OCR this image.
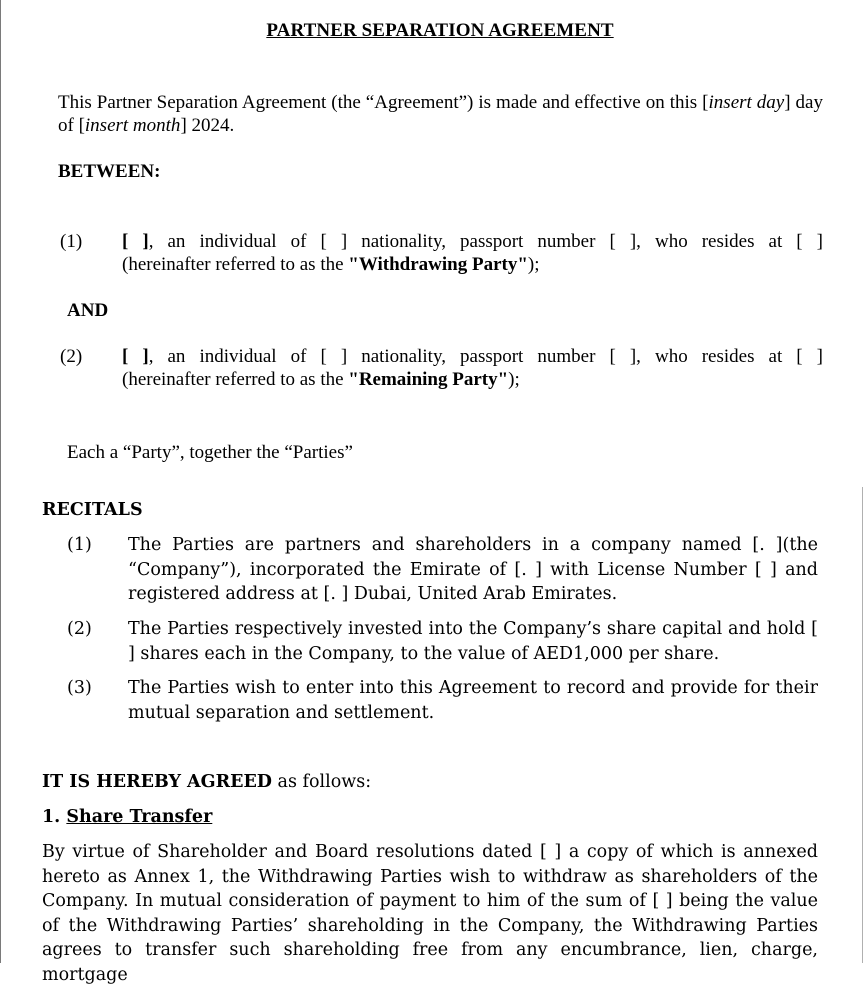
PARTNER SEPARATION AGREEMENT
This Partner Separation Agreement (the “Agreement”) is made and effective on this [insert day] day of [insert month] 2024.
BETWEEN:
(1) [ ], an individual of [ ] nationality, passport number [ ], who resides at [ ]
(hereinafter referred to as the "Withdrawing Party");
AND
(2) [ ], an individual of [ ] nationality, passport number [ ], who resides at [ ]
(hereinafter referred to as the "Remaining Party");
Each a “Party”, together the “Parties”
RECITALS
(1) The Parties are partners and shareholders in a company named [. ](the “Company”), incorporated the Emirate of [. ] with License Number [ ] and registered address at [. ] Dubai, United Arab Emirates.
(2) The Parties respectively invested into the Company’s share capital and hold [ ] shares each in the Company, to the value of AED1,000 per share.
(3) The Parties wish to enter into this Agreement to record and provide for their mutual separation and settlement.
IT IS HEREBY AGREED as follows:
1. Share Transfer
By virtue of Shareholder and Board resolutions dated [ ] a copy of which is annexed hereto as Annex 1, the Withdrawing Parties wish to withdraw as shareholders of the Company. In mutual consideration of payment to him of the sum of [ ] being the value of the Withdrawing Parties’ shareholding in the Company, the Withdrawing Parties agrees to transfer such shareholding free from any encumbrance, lien, charge, mortgage
